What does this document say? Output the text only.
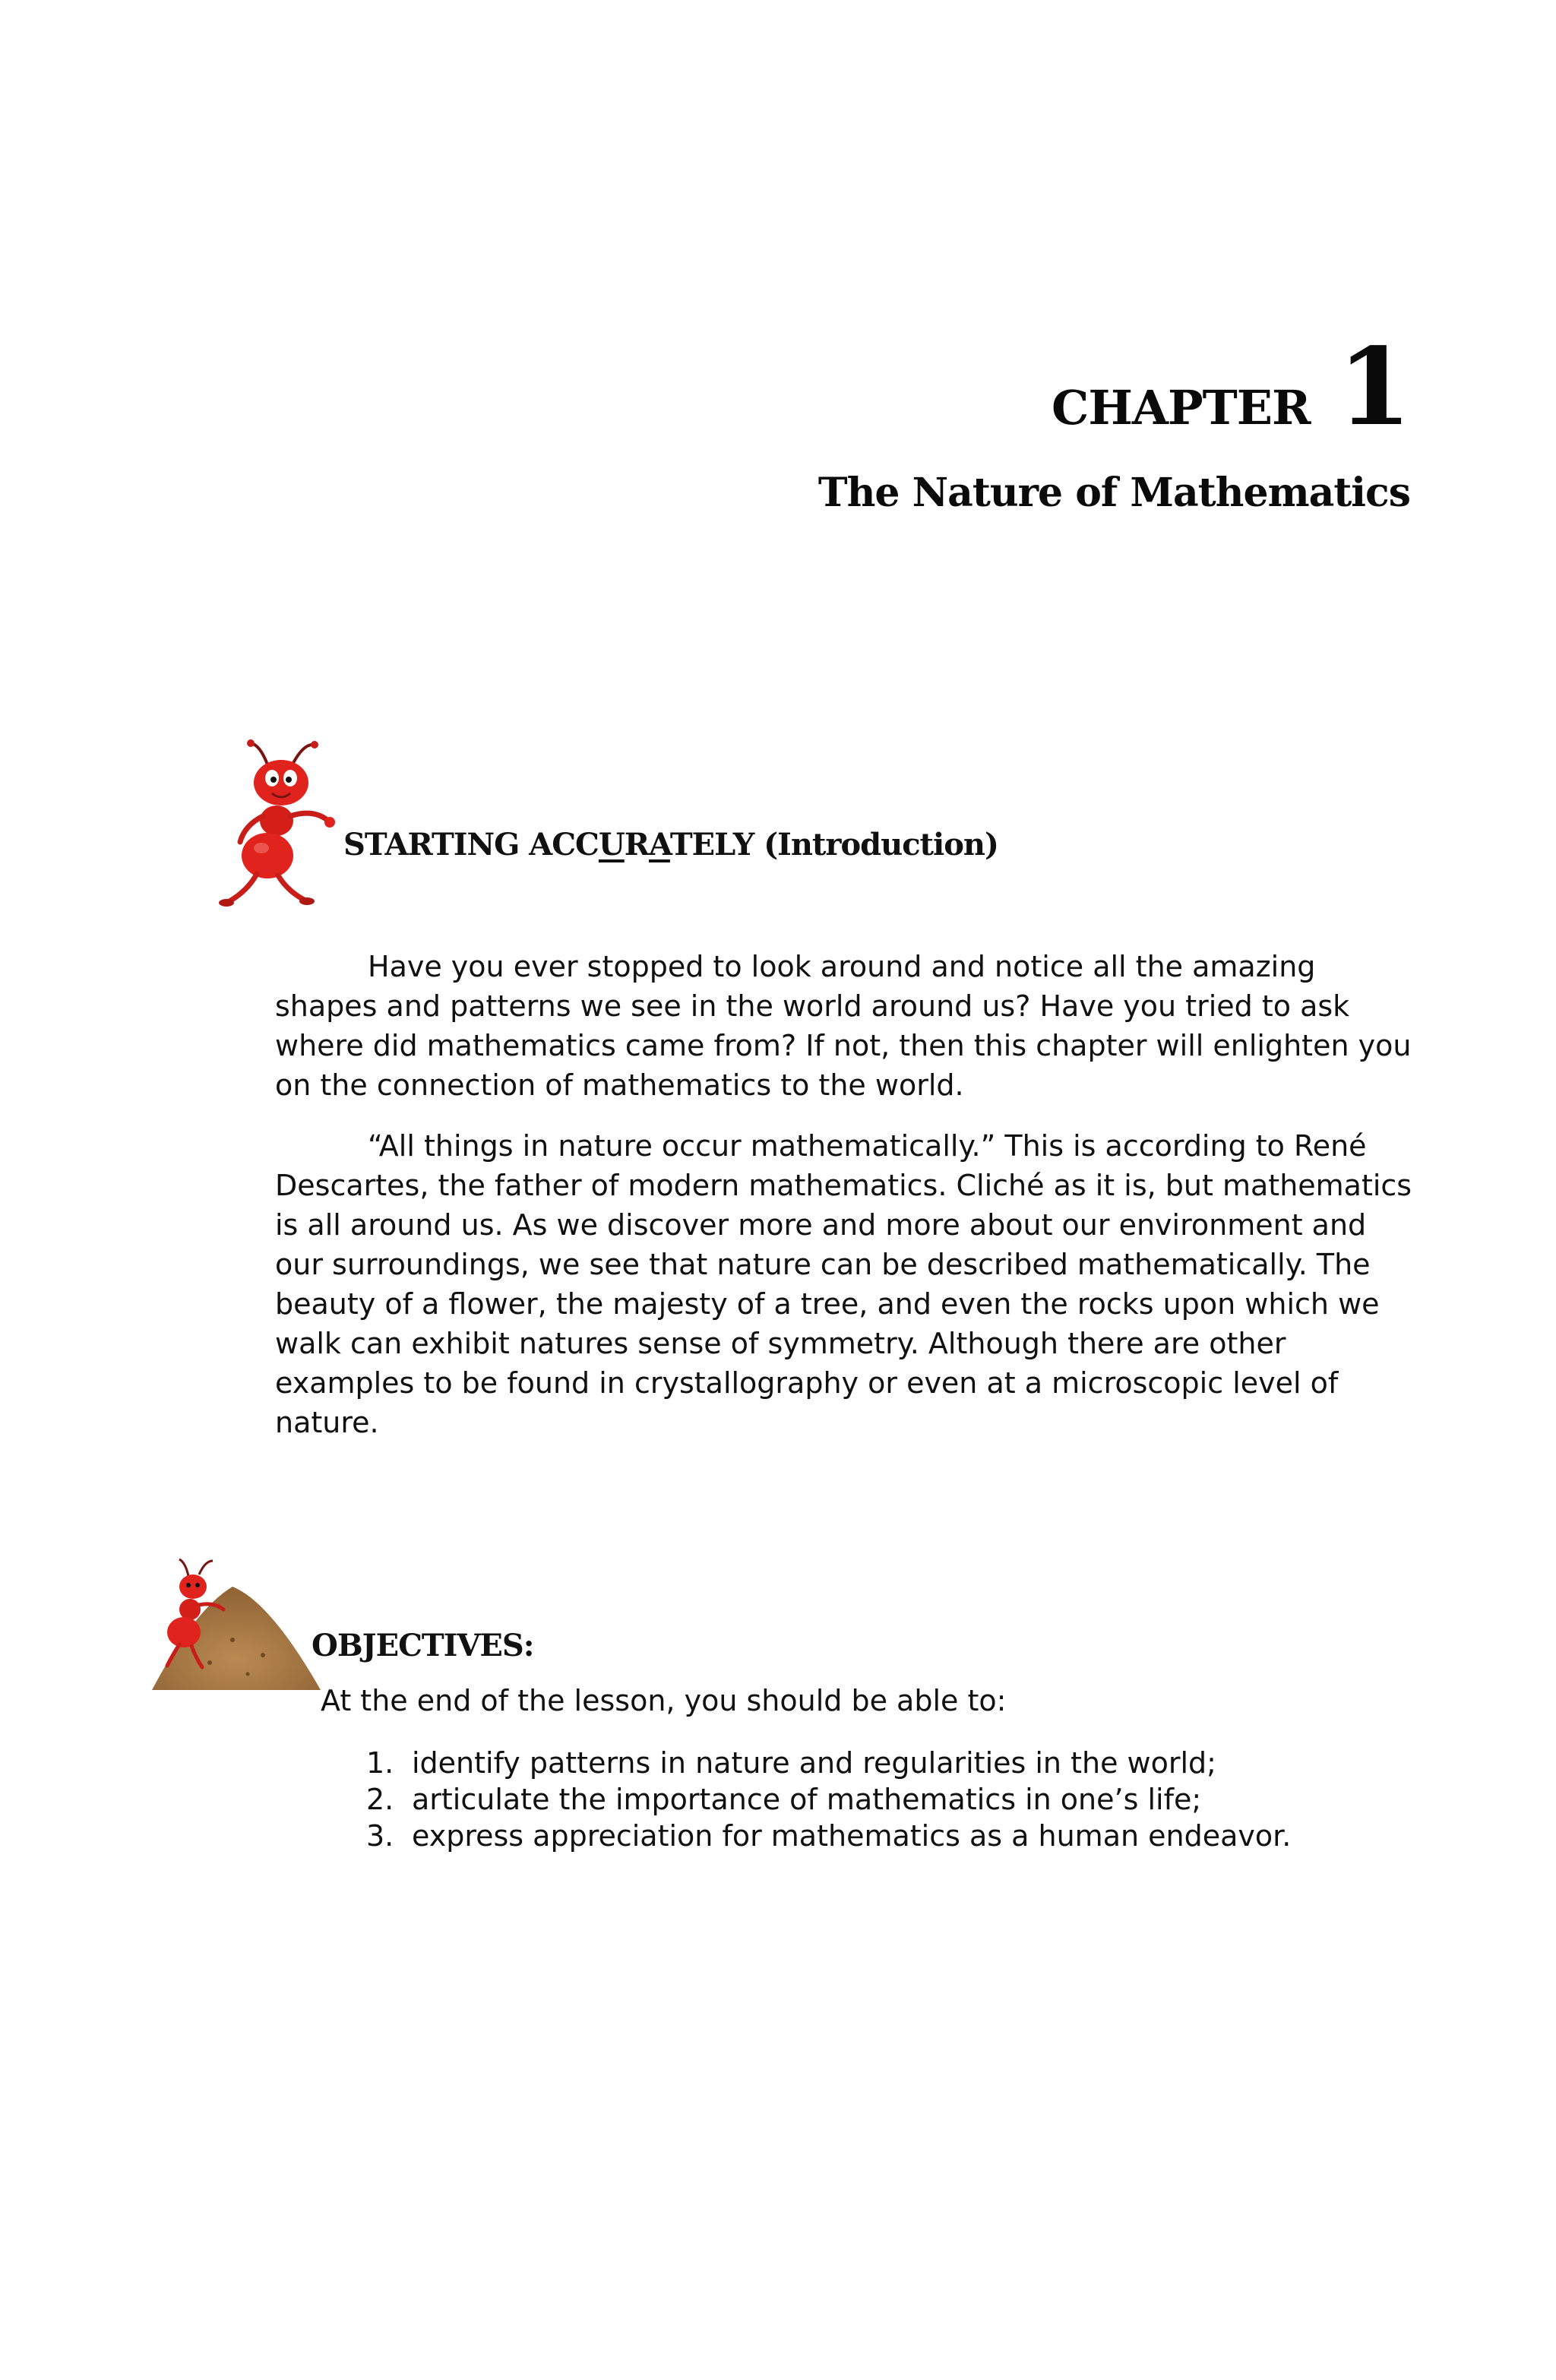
CHAPTER 1
The Nature of Mathematics
STARTING ACCURATELY (Introduction)

Have you ever stopped to look around and notice all the amazing shapes and patterns we see in the world around us? Have you tried to ask where did mathematics came from? If not, then this chapter will enlighten you on the connection of mathematics to the world.

“All things in nature occur mathematically.” This is according to René Descartes, the father of modern mathematics. Cliché as it is, but mathematics is all around us. As we discover more and more about our environment and our surroundings, we see that nature can be described mathematically. The beauty of a flower, the majesty of a tree, and even the rocks upon which we walk can exhibit natures sense of symmetry. Although there are other examples to be found in crystallography or even at a microscopic level of nature.

OBJECTIVES:

At the end of the lesson, you should be able to:

1. identify patterns in nature and regularities in the world;
2. articulate the importance of mathematics in one’s life;
3. express appreciation for mathematics as a human endeavor.
